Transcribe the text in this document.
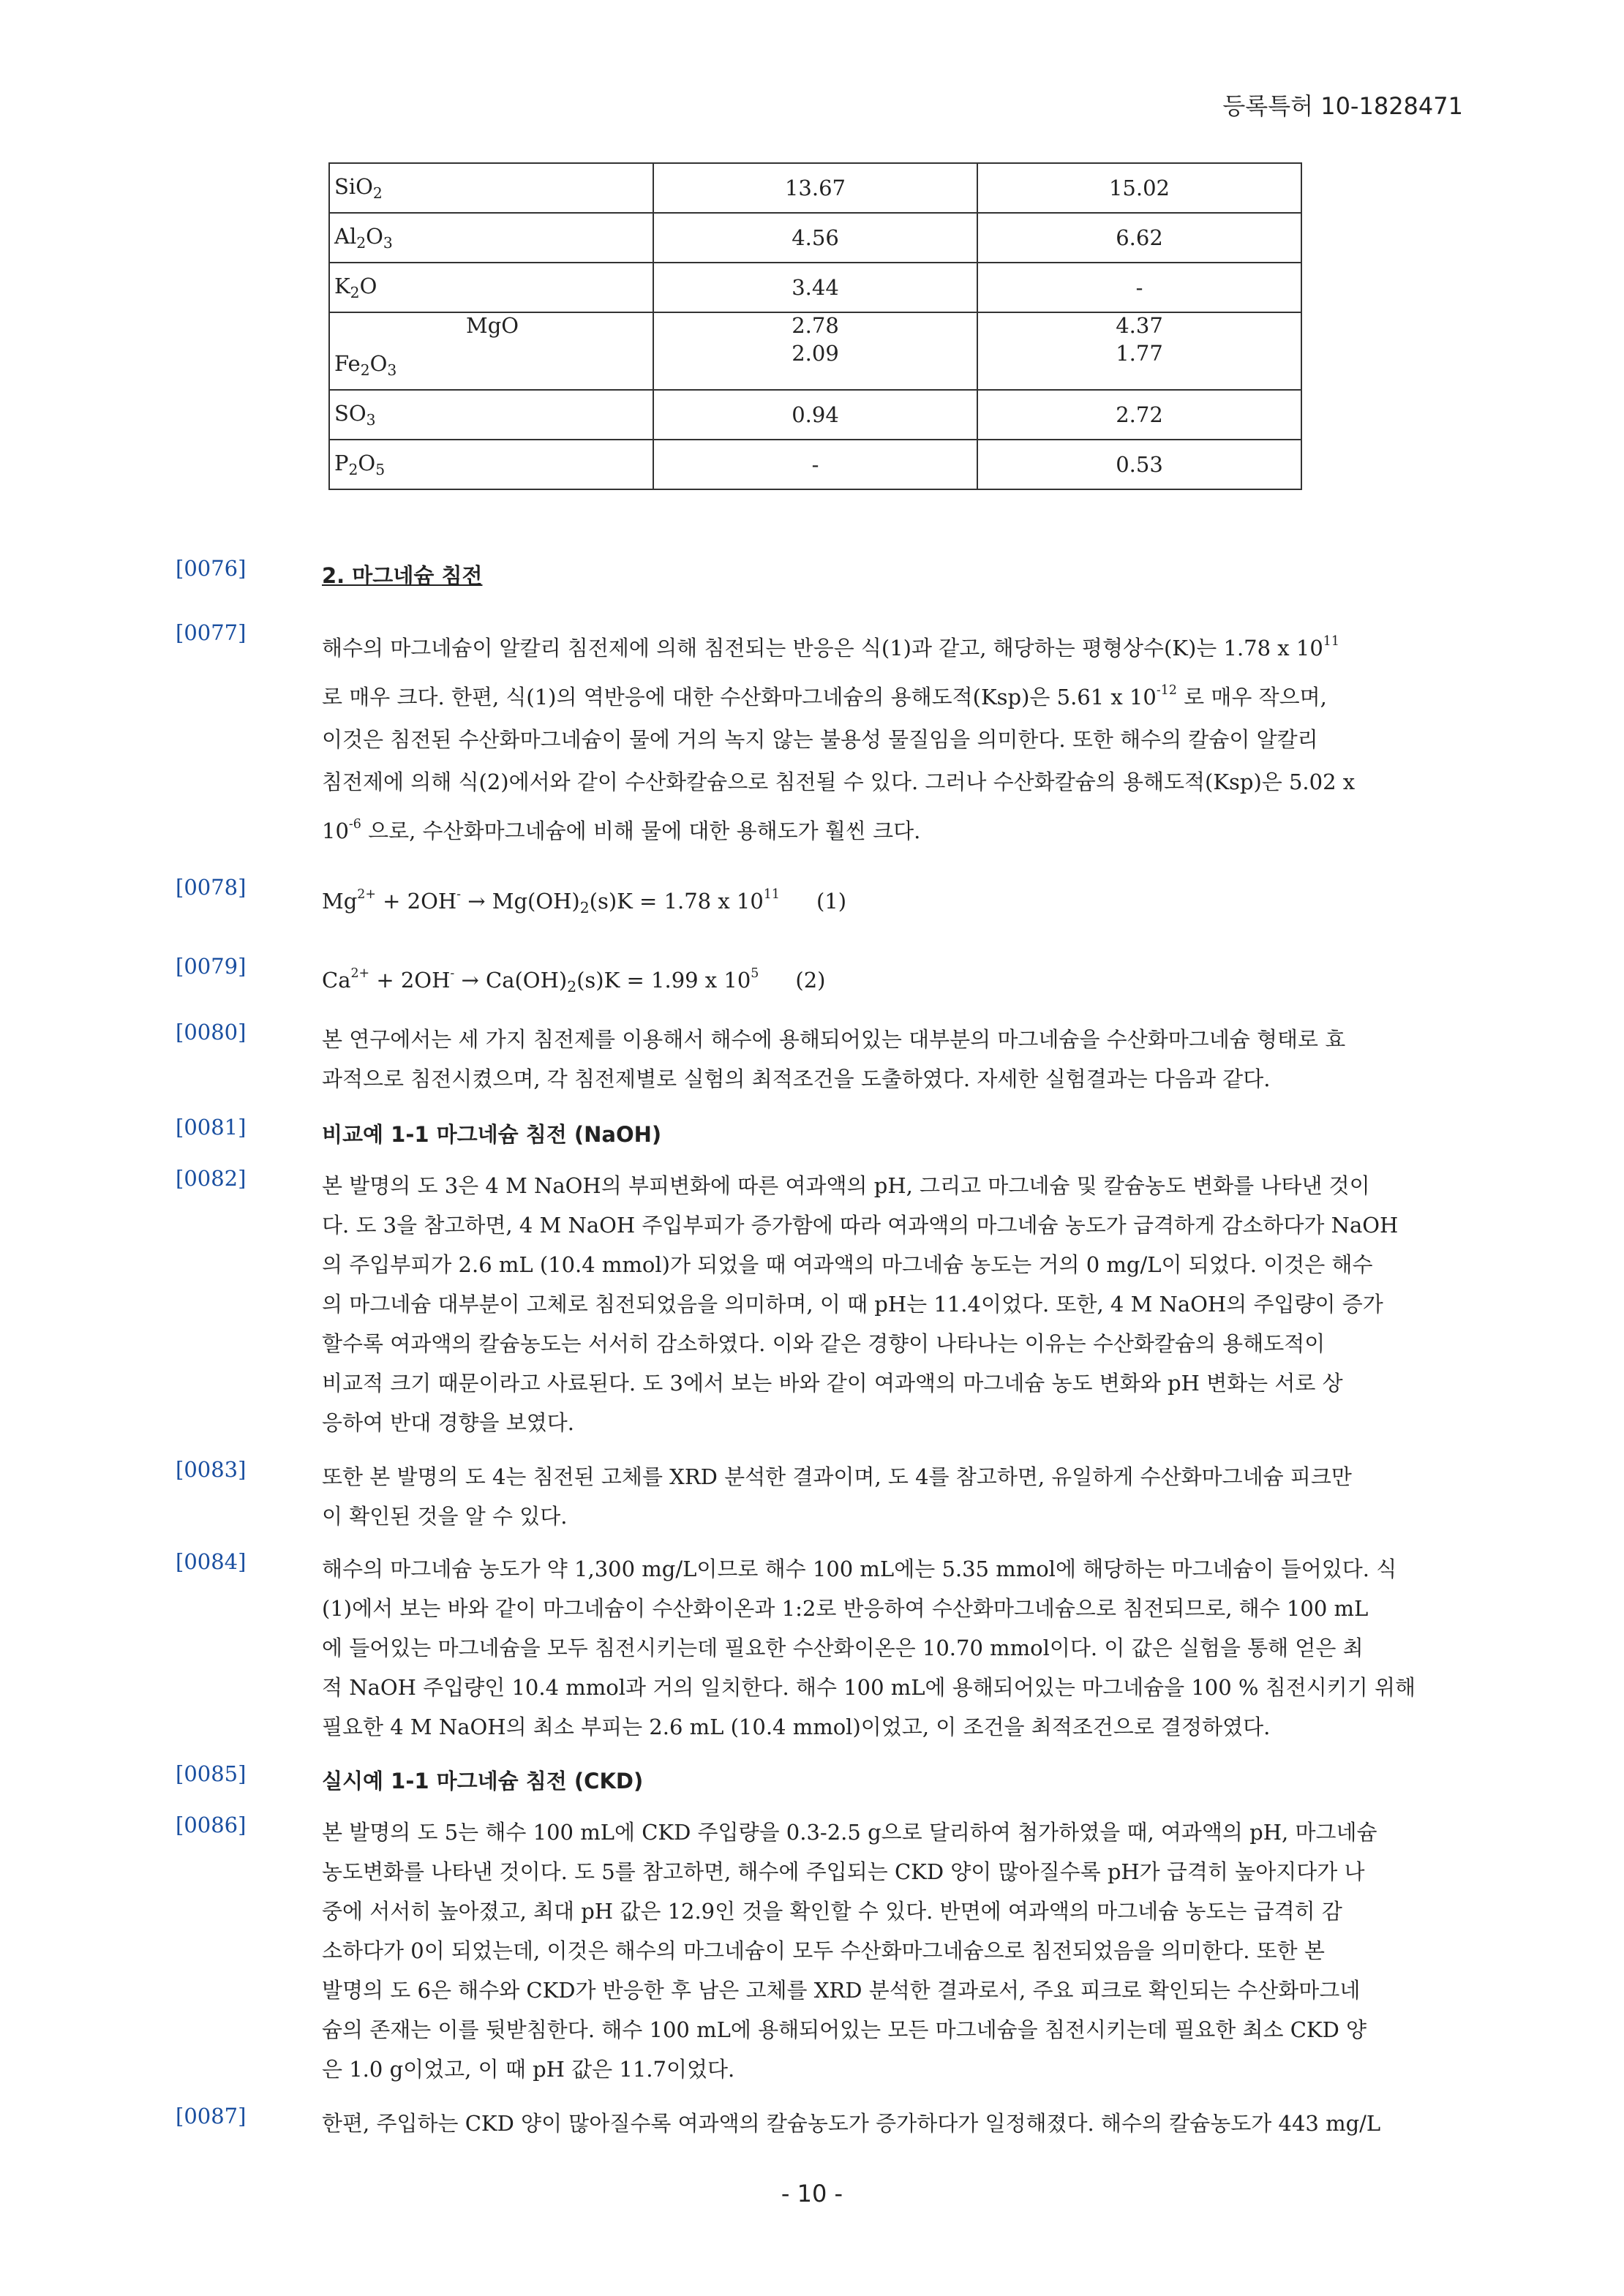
등록특허 10-1828471
SiO$_2$	13.67	15.02
$Al_2O_3$	4.56	6.62
$K_2O$	3.44	-
MgO	2.78	4.37
$Fe_2O_3$	2.09	1.77
$SO_3$	0.94	2.72
$P_2O_5$	-	0.53
[0076]	2. 마그네슘 침전
[0077]
해수의 마그네슘이 알칼리 침전제에 의해 침전되는 반응은 식(1)과 같고, 해당하는 평형상수(K)는 1.78 x $10^{11}$
로 매우 크다. 한편, 식(1)의 역반응에 대한 수산화마그네슘의 용해도적(Ksp)은 5.61 x $10^{-12}$ 로 매우 작으며,
이것은 침전된 수산화마그네슘이 물에 거의 녹지 않는 불용성 물질임을 의미한다. 또한 해수의 칼슘이 알칼리
침전제에 의해 식(2)에서와 같이 수산화칼슘으로 침전될 수 있다. 그러나 수산화칼슘의 용해도적(Ksp)은 5.02 x
$10^{-6}$ 으로, 수산화마그네슘에 비해 물에 대한 용해도가 훨씬 크다.
[0078]
$Mg^{2+} + 2OH^- \to Mg(OH)_2(s)K = 1.78$ x $10^{11}$ (1)
[0079]
$Ca^{2+} + 2OH^- \to Ca(OH)_2(s)K = 1.99$ x $10^5$ (2)
[0080]	본 연구에서는 세 가지 침전제를 이용해서 해수에 용해되어있는 대부분의 마그네슘을 수산화마그네슘 형태로 효
과적으로 침전시켰으며, 각 침전제별로 실험의 최적조건을 도출하였다. 자세한 실험결과는 다음과 같다.
[0081]	비교예 1-1 마그네슘 침전 (NaOH)
[0082]	본 발명의 도 3은 4 M NaOH의 부피변화에 따른 여과액의 pH, 그리고 마그네슘 및 칼슘농도 변화를 나타낸 것이
다. 도 3을 참고하면, 4 M NaOH 주입부피가 증가함에 따라 여과액의 마그네슘 농도가 급격하게 감소하다가 NaOH
의 주입부피가 2.6 mL (10.4 mmol)가 되었을 때 여과액의 마그네슘 농도는 거의 0 mg/L이 되었다. 이것은 해수
의 마그네슘 대부분이 고체로 침전되었음을 의미하며, 이 때 pH는 11.4이었다. 또한, 4 M NaOH의 주입량이 증가
할수록 여과액의 칼슘농도는 서서히 감소하였다. 이와 같은 경향이 나타나는 이유는 수산화칼슘의 용해도적이
비교적 크기 때문이라고 사료된다. 도 3에서 보는 바와 같이 여과액의 마그네슘 농도 변화와 pH 변화는 서로 상
응하여 반대 경향을 보였다.
[0083]	또한 본 발명의 도 4는 침전된 고체를 XRD 분석한 결과이며, 도 4를 참고하면, 유일하게 수산화마그네슘 피크만
이 확인된 것을 알 수 있다.
[0084]	해수의 마그네슘 농도가 약 1,300 mg/L이므로 해수 100 mL에는 5.35 mmol에 해당하는 마그네슘이 들어있다. 식
(1)에서 보는 바와 같이 마그네슘이 수산화이온과 1:2로 반응하여 수산화마그네슘으로 침전되므로, 해수 100 mL
에 들어있는 마그네슘을 모두 침전시키는데 필요한 수산화이온은 10.70 mmol이다. 이 값은 실험을 통해 얻은 최
적 NaOH 주입량인 10.4 mmol과 거의 일치한다. 해수 100 mL에 용해되어있는 마그네슘을 100 % 침전시키기 위해
필요한 4 M NaOH의 최소 부피는 2.6 mL (10.4 mmol)이었고, 이 조건을 최적조건으로 결정하였다.
[0085]	실시예 1-1 마그네슘 침전 (CKD)
[0086]	본 발명의 도 5는 해수 100 mL에 CKD 주입량을 0.3-2.5 g으로 달리하여 첨가하였을 때, 여과액의 pH, 마그네슘
농도변화를 나타낸 것이다. 도 5를 참고하면, 해수에 주입되는 CKD 양이 많아질수록 pH가 급격히 높아지다가 나
중에 서서히 높아졌고, 최대 pH 값은 12.9인 것을 확인할 수 있다. 반면에 여과액의 마그네슘 농도는 급격히 감
소하다가 0이 되었는데, 이것은 해수의 마그네슘이 모두 수산화마그네슘으로 침전되었음을 의미한다. 또한 본
발명의 도 6은 해수와 CKD가 반응한 후 남은 고체를 XRD 분석한 결과로서, 주요 피크로 확인되는 수산화마그네
슘의 존재는 이를 뒷받침한다. 해수 100 mL에 용해되어있는 모든 마그네슘을 침전시키는데 필요한 최소 CKD 양
은 1.0 g이었고, 이 때 pH 값은 11.7이었다.
[0087]	한편, 주입하는 CKD 양이 많아질수록 여과액의 칼슘농도가 증가하다가 일정해졌다. 해수의 칼슘농도가 443 mg/L
- 10 -
